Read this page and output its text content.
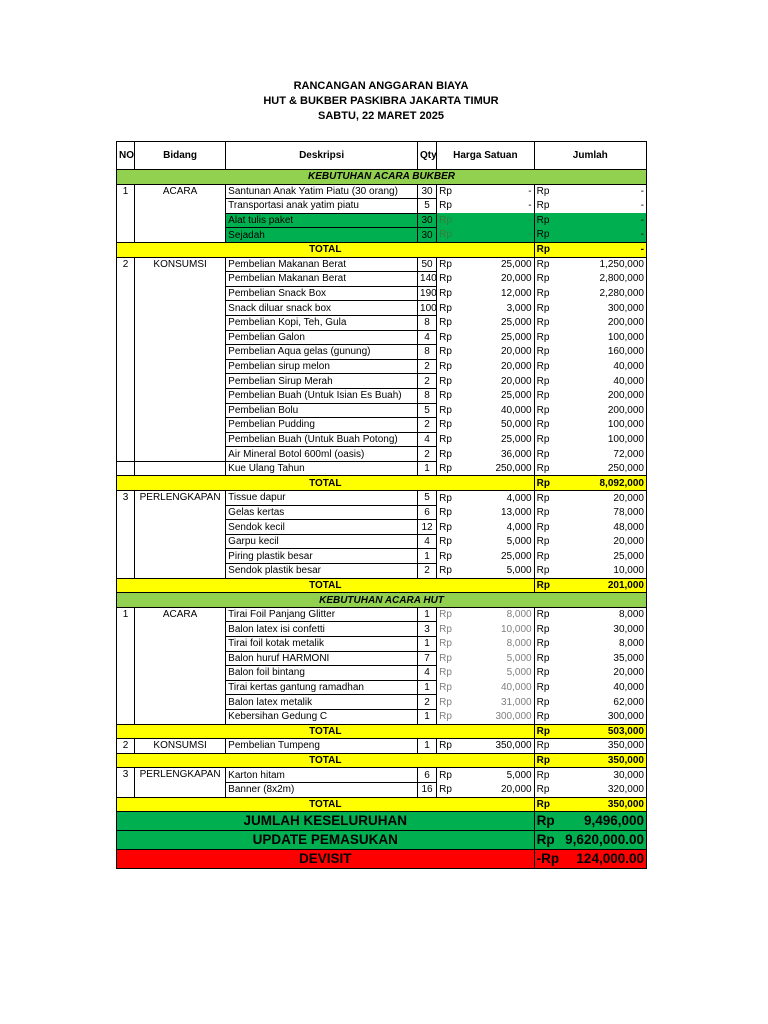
RANCANGAN ANGGARAN BIAYA
HUT & BUKBER PASKIBRA JAKARTA TIMUR
SABTU, 22 MARET 2025
NO	Bidang	Deskripsi	Qty	Harga Satuan		Jumlah	
KEBUTUHAN ACARA BUKBER							
1	ACARA	Santunan Anak Yatim Piatu (30 orang)	30	Rp	-	Rp	-
		Transportasi anak yatim piatu	5	Rp	-	Rp	-
		Alat tulis paket	30	Rp	-	Rp	-
		Sejadah	30	Rp	-	Rp	-
TOTAL						Rp	-
2	KONSUMSI	Pembelian Makanan Berat	50	Rp	25,000	Rp	1,250,000
		Pembelian Makanan Berat	140	Rp	20,000	Rp	2,800,000
		Pembelian Snack Box	190	Rp	12,000	Rp	2,280,000
		Snack diluar snack box	100	Rp	3,000	Rp	300,000
		Pembelian Kopi, Teh, Gula	8	Rp	25,000	Rp	200,000
		Pembelian Galon	4	Rp	25,000	Rp	100,000
		Pembelian Aqua gelas (gunung)	8	Rp	20,000	Rp	160,000
		Pembelian sirup melon	2	Rp	20,000	Rp	40,000
		Pembelian Sirup Merah	2	Rp	20,000	Rp	40,000
		Pembelian Buah (Untuk Isian Es Buah)	8	Rp	25,000	Rp	200,000
		Pembelian Bolu	5	Rp	40,000	Rp	200,000
		Pembelian Pudding	2	Rp	50,000	Rp	100,000
		Pembelian Buah (Untuk Buah Potong)	4	Rp	25,000	Rp	100,000
		Air Mineral Botol 600ml (oasis)	2	Rp	36,000	Rp	72,000
		Kue Ulang Tahun	1	Rp	250,000	Rp	250,000
TOTAL						Rp	8,092,000
3	PERLENGKAPAN	Tissue dapur	5	Rp	4,000	Rp	20,000
		Gelas kertas	6	Rp	13,000	Rp	78,000
		Sendok kecil	12	Rp	4,000	Rp	48,000
		Garpu kecil	4	Rp	5,000	Rp	20,000
		Piring plastik besar	1	Rp	25,000	Rp	25,000
		Sendok plastik besar	2	Rp	5,000	Rp	10,000
TOTAL						Rp	201,000
KEBUTUHAN ACARA HUT							
1	ACARA	Tirai Foil Panjang Glitter	1	Rp	8,000	Rp	8,000
		Balon latex isi confetti	3	Rp	10,000	Rp	30,000
		Tirai foil kotak metalik	1	Rp	8,000	Rp	8,000
		Balon huruf HARMONI	7	Rp	5,000	Rp	35,000
		Balon foil bintang	4	Rp	5,000	Rp	20,000
		Tirai kertas gantung ramadhan	1	Rp	40,000	Rp	40,000
		Balon latex metalik	2	Rp	31,000	Rp	62,000
		Kebersihan Gedung C	1	Rp	300,000	Rp	300,000
TOTAL						Rp	503,000
2	KONSUMSI	Pembelian Tumpeng	1	Rp	350,000	Rp	350,000
TOTAL						Rp	350,000
3	PERLENGKAPAN	Karton hitam	6	Rp	5,000	Rp	30,000
		Banner (8x2m)	16	Rp	20,000	Rp	320,000
TOTAL						Rp	350,000
JUMLAH KESELURUHAN						Rp	9,496,000
UPDATE PEMASUKAN						Rp	9,620,000.00
DEVISIT						-Rp	124,000.00
